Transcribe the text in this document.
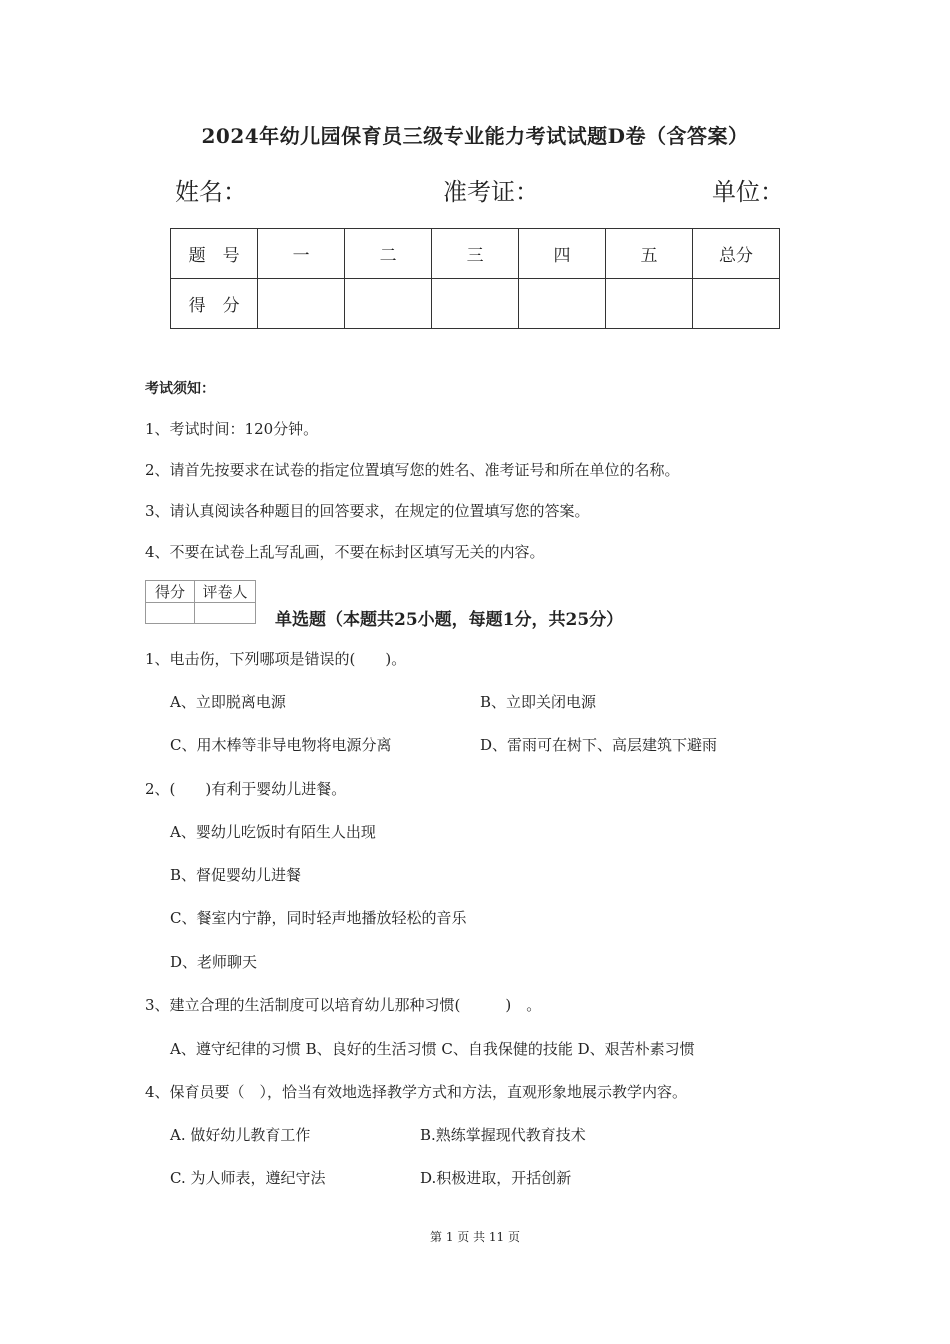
2024年幼儿园保育员三级专业能力考试试题D卷（含答案）
姓名：	准考证：	单位：
题　号	一	二	三	四	五	总分
得　分						
考试须知：
1、考试时间：120分钟。
2、请首先按要求在试卷的指定位置填写您的姓名、准考证号和所在单位的名称。
3、请认真阅读各种题目的回答要求，在规定的位置填写您的答案。
4、不要在试卷上乱写乱画，不要在标封区填写无关的内容。
得分	评卷人

单选题（本题共25小题，每题1分，共25分）
1、电击伤，下列哪项是错误的(　　)。
A、立即脱离电源	B、立即关闭电源
C、用木棒等非导电物将电源分离	D、雷雨可在树下、高层建筑下避雨
2、(　　)有利于婴幼儿进餐。
A、婴幼儿吃饭时有陌生人出现
B、督促婴幼儿进餐
C、餐室内宁静，同时轻声地播放轻松的音乐
D、老师聊天
3、建立合理的生活制度可以培育幼儿那种习惯(　　　)　。
A、遵守纪律的习惯 B、良好的生活习惯 C、自我保健的技能 D、艰苦朴素习惯
4、保育员要（　），恰当有效地选择教学方式和方法，直观形象地展示教学内容。
A. 做好幼儿教育工作	B.熟练掌握现代教育技术
C. 为人师表，遵纪守法	D.积极进取，开括创新
第 1 页 共 11 页
